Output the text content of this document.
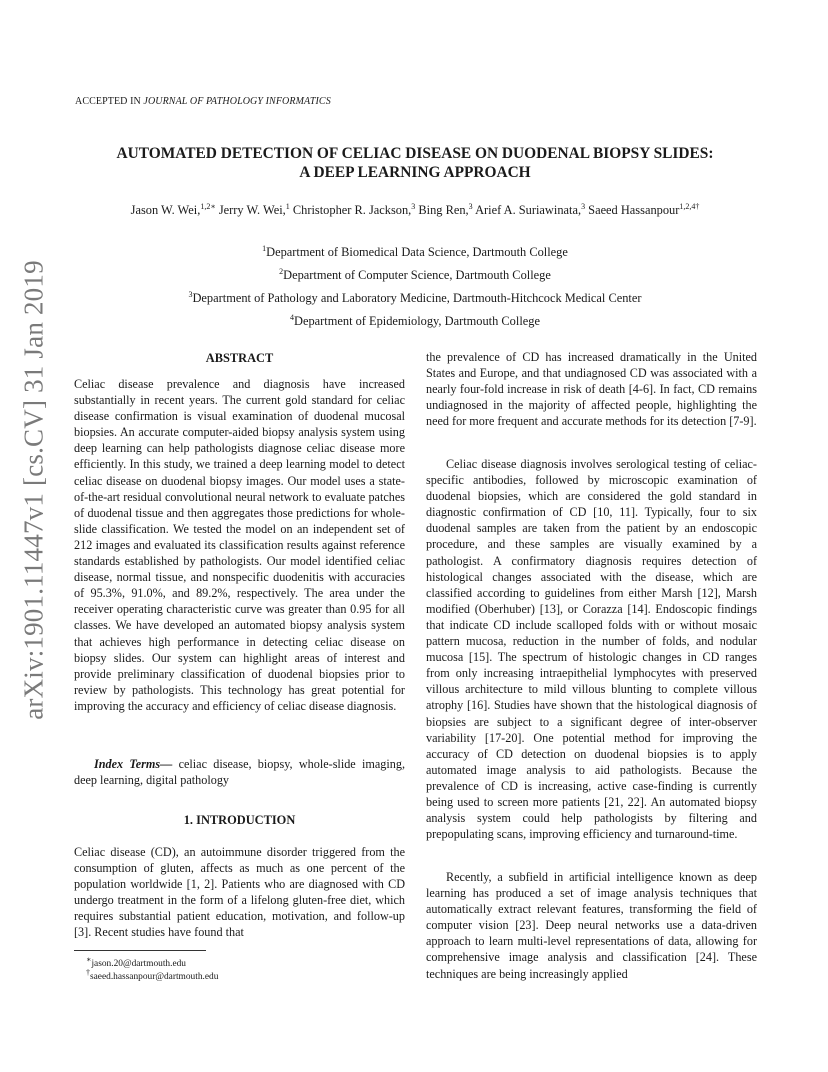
arXiv:1901.11447v1 [cs.CV] 31 Jan 2019
ACCEPTED IN JOURNAL OF PATHOLOGY INFORMATICS
AUTOMATED DETECTION OF CELIAC DISEASE ON DUODENAL BIOPSY SLIDES:
A DEEP LEARNING APPROACH
Jason W. Wei,$^{1,2∗}$ Jerry W. Wei,$^1$ Christopher R. Jackson,$^3$ Bing Ren,$^3$ Arief A. Suriawinata,$^3$ Saeed Hassanpour$^{1,2,4\dagger}$
$^1$Department of Biomedical Data Science, Dartmouth College
$^2$Department of Computer Science, Dartmouth College
$^3$Department of Pathology and Laboratory Medicine, Dartmouth-Hitchcock Medical Center
$^4$Department of Epidemiology, Dartmouth College
ABSTRACT
Celiac disease prevalence and diagnosis have increased substantially in recent years. The current gold standard for celiac disease confirmation is visual examination of duodenal mucosal biopsies. An accurate computer-aided biopsy analysis system using deep learning can help pathologists diagnose celiac disease more efficiently. In this study, we trained a deep learning model to detect celiac disease on duodenal biopsy images. Our model uses a state-of-the-art residual convolutional neural network to evaluate patches of duodenal tissue and then aggregates those predictions for whole-slide classification. We tested the model on an independent set of 212 images and evaluated its classification results against reference standards established by pathologists. Our model identified celiac disease, normal tissue, and nonspecific duodenitis with accuracies of 95.3%, 91.0%, and 89.2%, respectively. The area under the receiver operating characteristic curve was greater than 0.95 for all classes. We have developed an automated biopsy analysis system that achieves high performance in detecting celiac disease on biopsy slides. Our system can highlight areas of interest and provide preliminary classification of duodenal biopsies prior to review by pathologists. This technology has great potential for improving the accuracy and efficiency of celiac disease diagnosis.
Index Terms— celiac disease, biopsy, whole-slide imaging, deep learning, digital pathology
1. INTRODUCTION
Celiac disease (CD), an autoimmune disorder triggered from the consumption of gluten, affects as much as one percent of the population worldwide [1, 2]. Patients who are diagnosed with CD undergo treatment in the form of a lifelong gluten-free diet, which requires substantial patient education, motivation, and follow-up [3]. Recent studies have found that
the prevalence of CD has increased dramatically in the United States and Europe, and that undiagnosed CD was associated with a nearly four-fold increase in risk of death [4-6]. In fact, CD remains undiagnosed in the majority of affected people, highlighting the need for more frequent and accurate methods for its detection [7-9].
Celiac disease diagnosis involves serological testing of celiac-specific antibodies, followed by microscopic examination of duodenal biopsies, which are considered the gold standard in diagnostic confirmation of CD [10, 11]. Typically, four to six duodenal samples are taken from the patient by an endoscopic procedure, and these samples are visually examined by a pathologist. A confirmatory diagnosis requires detection of histological changes associated with the disease, which are classified according to guidelines from either Marsh [12], Marsh modified (Oberhuber) [13], or Corazza [14]. Endoscopic findings that indicate CD include scalloped folds with or without mosaic pattern mucosa, reduction in the number of folds, and nodular mucosa [15]. The spectrum of histologic changes in CD ranges from only increasing intraepithelial lymphocytes with preserved villous architecture to mild villous blunting to complete villous atrophy [16]. Studies have shown that the histological diagnosis of biopsies are subject to a significant degree of inter-observer variability [17-20]. One potential method for improving the accuracy of CD detection on duodenal biopsies is to apply automated image analysis to aid pathologists. Because the prevalence of CD is increasing, active case-finding is currently being used to screen more patients [21, 22]. An automated biopsy analysis system could help pathologists by filtering and prepopulating scans, improving efficiency and turnaround-time.
Recently, a subfield in artificial intelligence known as deep learning has produced a set of image analysis techniques that automatically extract relevant features, transforming the field of computer vision [23]. Deep neural networks use a data-driven approach to learn multi-level representations of data, allowing for comprehensive image analysis and classification [24]. These techniques are being increasingly applied
∗jason.20@dartmouth.edu
†saeed.hassanpour@dartmouth.edu
